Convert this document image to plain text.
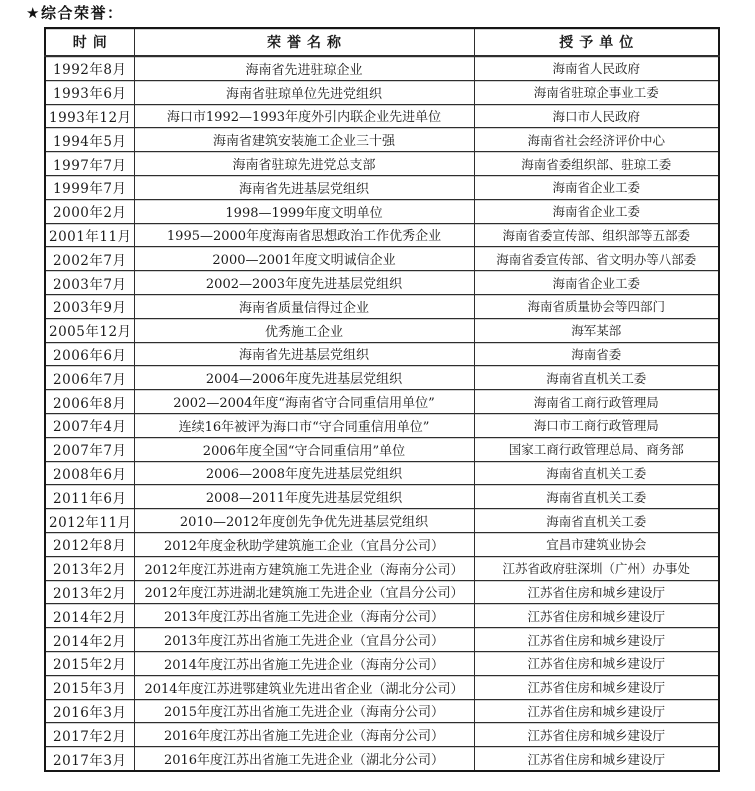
★综合荣誉：
时间	荣誉名称	授予单位
1992年8月	海南省先进驻琼企业	海南省人民政府
1993年6月	海南省驻琼单位先进党组织	海南省驻琼企事业工委
1993年12月	海口市1992—1993年度外引内联企业先进单位	海口市人民政府
1994年5月	海南省建筑安装施工企业三十强	海南省社会经济评价中心
1997年7月	海南省驻琼先进党总支部	海南省委组织部、驻琼工委
1999年7月	海南省先进基层党组织	海南省企业工委
2000年2月	1998—1999年度文明单位	海南省企业工委
2001年11月	1995—2000年度海南省思想政治工作优秀企业	海南省委宣传部、组织部等五部委
2002年7月	2000—2001年度文明诚信企业	海南省委宣传部、省文明办等八部委
2003年7月	2002—2003年度先进基层党组织	海南省企业工委
2003年9月	海南省质量信得过企业	海南省质量协会等四部门
2005年12月	优秀施工企业	海军某部
2006年6月	海南省先进基层党组织	海南省委
2006年7月	2004—2006年度先进基层党组织	海南省直机关工委
2006年8月	2002—2004年度“海南省守合同重信用单位”	海南省工商行政管理局
2007年4月	连续16年被评为海口市“守合同重信用单位”	海口市工商行政管理局
2007年7月	2006年度全国“守合同重信用”单位	国家工商行政管理总局、商务部
2008年6月	2006—2008年度先进基层党组织	海南省直机关工委
2011年6月	2008—2011年度先进基层党组织	海南省直机关工委
2012年11月	2010—2012年度创先争优先进基层党组织	海南省直机关工委
2012年8月	2012年度金秋助学建筑施工企业（宜昌分公司）	宜昌市建筑业协会
2013年2月	2012年度江苏进南方建筑施工先进企业（海南分公司）	江苏省政府驻深圳（广州）办事处
2013年2月	2012年度江苏进湖北建筑施工先进企业（宜昌分公司）	江苏省住房和城乡建设厅
2014年2月	2013年度江苏出省施工先进企业（海南分公司）	江苏省住房和城乡建设厅
2014年2月	2013年度江苏出省施工先进企业（宜昌分公司）	江苏省住房和城乡建设厅
2015年2月	2014年度江苏出省施工先进企业（海南分公司）	江苏省住房和城乡建设厅
2015年3月	2014年度江苏进鄂建筑业先进出省企业（湖北分公司）	江苏省住房和城乡建设厅
2016年3月	2015年度江苏出省施工先进企业（海南分公司）	江苏省住房和城乡建设厅
2017年2月	2016年度江苏出省施工先进企业（海南分公司）	江苏省住房和城乡建设厅
2017年3月	2016年度江苏出省施工先进企业（湖北分公司）	江苏省住房和城乡建设厅
